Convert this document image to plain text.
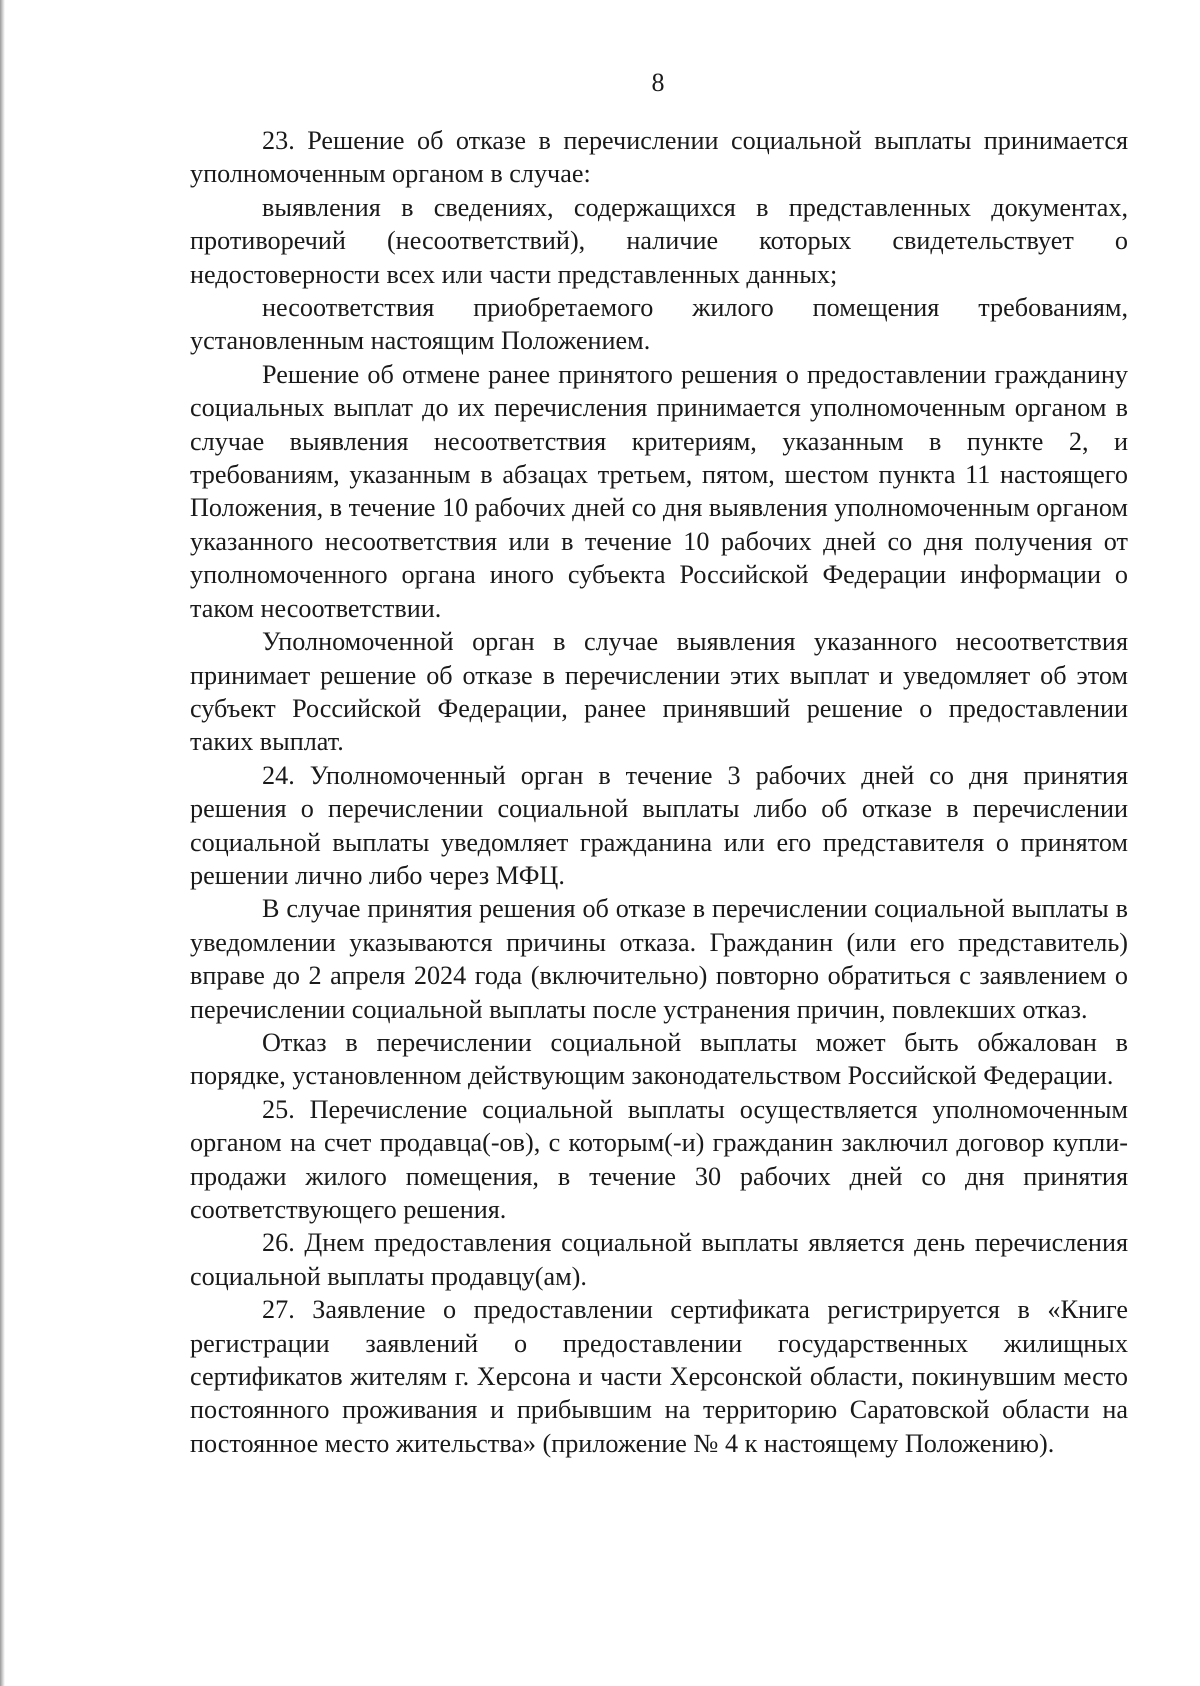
8

23. Решение об отказе в перечислении социальной выплаты принимается уполномоченным органом в случае:

выявления в сведениях, содержащихся в представленных документах, противоречий (несоответствий), наличие которых свидетельствует о недостоверности всех или части представленных данных;

несоответствия приобретаемого жилого помещения требованиям, установленным настоящим Положением.

Решение об отмене ранее принятого решения о предоставлении гражданину социальных выплат до их перечисления принимается уполномоченным органом в случае выявления несоответствия критериям, указанным в пункте 2, и требованиям, указанным в абзацах третьем, пятом, шестом пункта 11 настоящего Положения, в течение 10 рабочих дней со дня выявления уполномоченным органом указанного несоответствия или в течение 10 рабочих дней со дня получения от уполномоченного органа иного субъекта Российской Федерации информации о таком несоответствии.

Уполномоченной орган в случае выявления указанного несоответствия принимает решение об отказе в перечислении этих выплат и уведомляет об этом субъект Российской Федерации, ранее принявший решение о предоставлении таких выплат.

24. Уполномоченный орган в течение 3 рабочих дней со дня принятия решения о перечислении социальной выплаты либо об отказе в перечислении социальной выплаты уведомляет гражданина или его представителя о принятом решении лично либо через МФЦ.

В случае принятия решения об отказе в перечислении социальной выплаты в уведомлении указываются причины отказа. Гражданин (или его представитель) вправе до 2 апреля 2024 года (включительно) повторно обратиться с заявлением о перечислении социальной выплаты после устранения причин, повлекших отказ.

Отказ в перечислении социальной выплаты может быть обжалован в порядке, установленном действующим законодательством Российской Федерации.

25. Перечисление социальной выплаты осуществляется уполномоченным органом на счет продавца(-ов), с которым(-и) гражданин заключил договор купли-продажи жилого помещения, в течение 30 рабочих дней со дня принятия соответствующего решения.

26. Днем предоставления социальной выплаты является день перечисления социальной выплаты продавцу(ам).

27. Заявление о предоставлении сертификата регистрируется в «Книге регистрации заявлений о предоставлении государственных жилищных сертификатов жителям г. Херсона и части Херсонской области, покинувшим место постоянного проживания и прибывшим на территорию Саратовской области на постоянное место жительства» (приложение № 4 к настоящему Положению).
